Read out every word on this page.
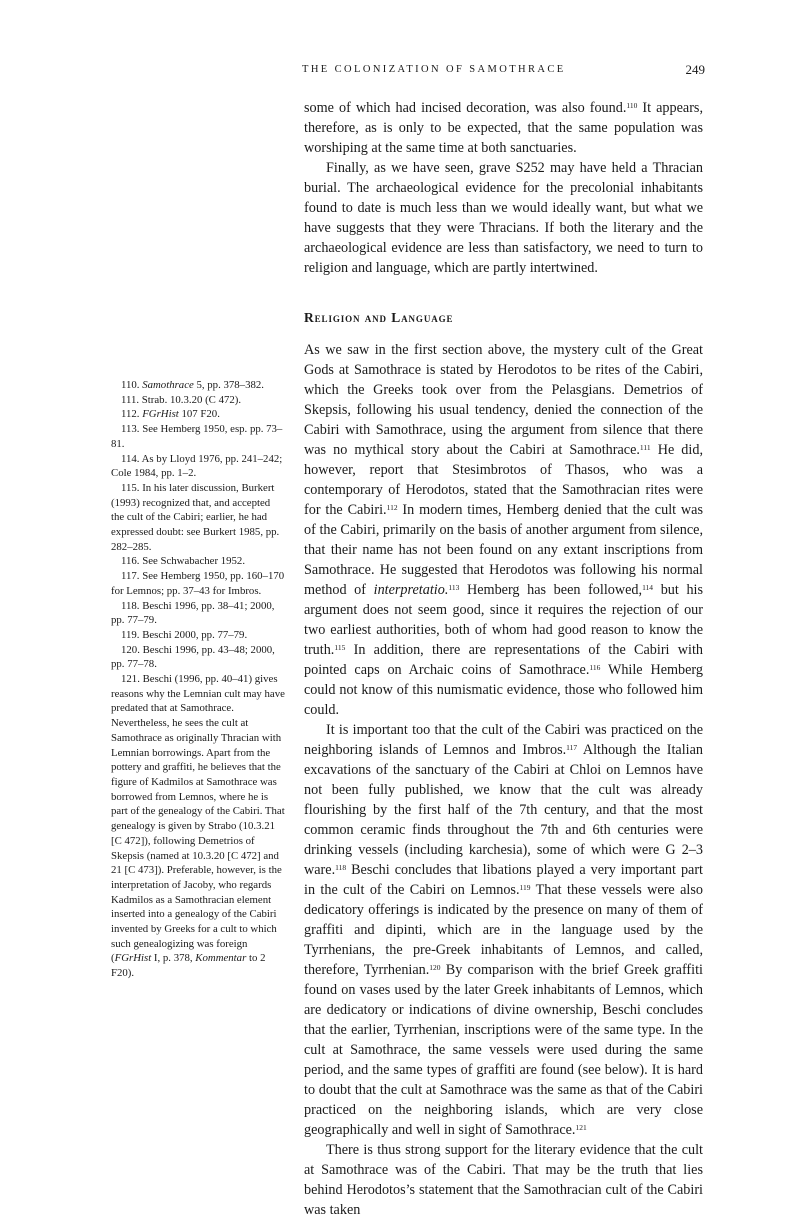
THE COLONIZATION OF SAMOTHRACE	249

some of which had incised decoration, was also found.$^{110}$ It appears, therefore, as is only to be expected, that the same population was worshiping at the same time at both sanctuaries.

Finally, as we have seen, grave S252 may have held a Thracian burial. The archaeological evidence for the precolonial inhabitants found to date is much less than we would ideally want, but what we have suggests that they were Thracians. If both the literary and the archaeological evidence are less than satisfactory, we need to turn to religion and language, which are partly intertwined.

Religion and Language

As we saw in the first section above, the mystery cult of the Great Gods at Samothrace is stated by Herodotos to be rites of the Cabiri, which the Greeks took over from the Pelasgians. Demetrios of Skepsis, following his usual tendency, denied the connection of the Cabiri with Samothrace, using the argument from silence that there was no mythical story about the Cabiri at Samothrace.$^{111}$ He did, however, report that Stesimbrotos of Thasos, who was a contemporary of Herodotos, stated that the Samothracian rites were for the Cabiri.$^{112}$ In modern times, Hemberg denied that the cult was of the Cabiri, primarily on the basis of another argument from silence, that their name has not been found on any extant inscriptions from Samothrace. He suggested that Herodotos was following his normal method of interpretatio.$^{113}$ Hemberg has been followed,$^{114}$ but his argument does not seem good, since it requires the rejection of our two earliest authorities, both of whom had good reason to know the truth.$^{115}$ In addition, there are representations of the Cabiri with pointed caps on Archaic coins of Samothrace.$^{116}$ While Hemberg could not know of this numismatic evidence, those who followed him could.

It is important too that the cult of the Cabiri was practiced on the neighboring islands of Lemnos and Imbros.$^{117}$ Although the Italian excavations of the sanctuary of the Cabiri at Chloi on Lemnos have not been fully published, we know that the cult was already flourishing by the first half of the 7th century, and that the most common ceramic finds throughout the 7th and 6th centuries were drinking vessels (including karchesia), some of which were G 2–3 ware.$^{118}$ Beschi concludes that libations played a very important part in the cult of the Cabiri on Lemnos.$^{119}$ That these vessels were also dedicatory offerings is indicated by the presence on many of them of graffiti and dipinti, which are in the language used by the Tyrrhenians, the pre-Greek inhabitants of Lemnos, and called, therefore, Tyrrhenian.$^{120}$ By comparison with the brief Greek graffiti found on vases used by the later Greek inhabitants of Lemnos, which are dedicatory or indications of divine ownership, Beschi concludes that the earlier, Tyrrhenian, inscriptions were of the same type. In the cult at Samothrace, the same vessels were used during the same period, and the same types of graffiti are found (see below). It is hard to doubt that the cult at Samothrace was the same as that of the Cabiri practiced on the neighboring islands, which are very close geographically and well in sight of Samothrace.$^{121}$

There is thus strong support for the literary evidence that the cult at Samothrace was of the Cabiri. That may be the truth that lies behind Herodotos’s statement that the Samothracian cult of the Cabiri was taken

110. Samothrace 5, pp. 378–382.

111. Strab. 10.3.20 (C 472).

112. FGrHist 107 F20.

113. See Hemberg 1950, esp. pp. 73–81.

114. As by Lloyd 1976, pp. 241–242; Cole 1984, pp. 1–2.

115. In his later discussion, Burkert (1993) recognized that, and accepted the cult of the Cabiri; earlier, he had expressed doubt: see Burkert 1985, pp. 282–285.

116. See Schwabacher 1952.

117. See Hemberg 1950, pp. 160–170 for Lemnos; pp. 37–43 for Imbros.

118. Beschi 1996, pp. 38–41; 2000, pp. 77–79.

119. Beschi 2000, pp. 77–79.

120. Beschi 1996, pp. 43–48; 2000, pp. 77–78.

121. Beschi (1996, pp. 40–41) gives reasons why the Lemnian cult may have predated that at Samothrace. Nevertheless, he sees the cult at Samothrace as originally Thracian with Lemnian borrowings. Apart from the pottery and graffiti, he believes that the figure of Kadmilos at Samothrace was borrowed from Lemnos, where he is part of the genealogy of the Cabiri. That genealogy is given by Strabo (10.3.21 [C 472]), following Demetrios of Skepsis (named at 10.3.20 [C 472] and 21 [C 473]). Preferable, however, is the interpretation of Jacoby, who regards Kadmilos as a Samothracian element inserted into a genealogy of the Cabiri invented by Greeks for a cult to which such genealogizing was foreign (FGrHist I, p. 378, Kommentar to 2 F20).
